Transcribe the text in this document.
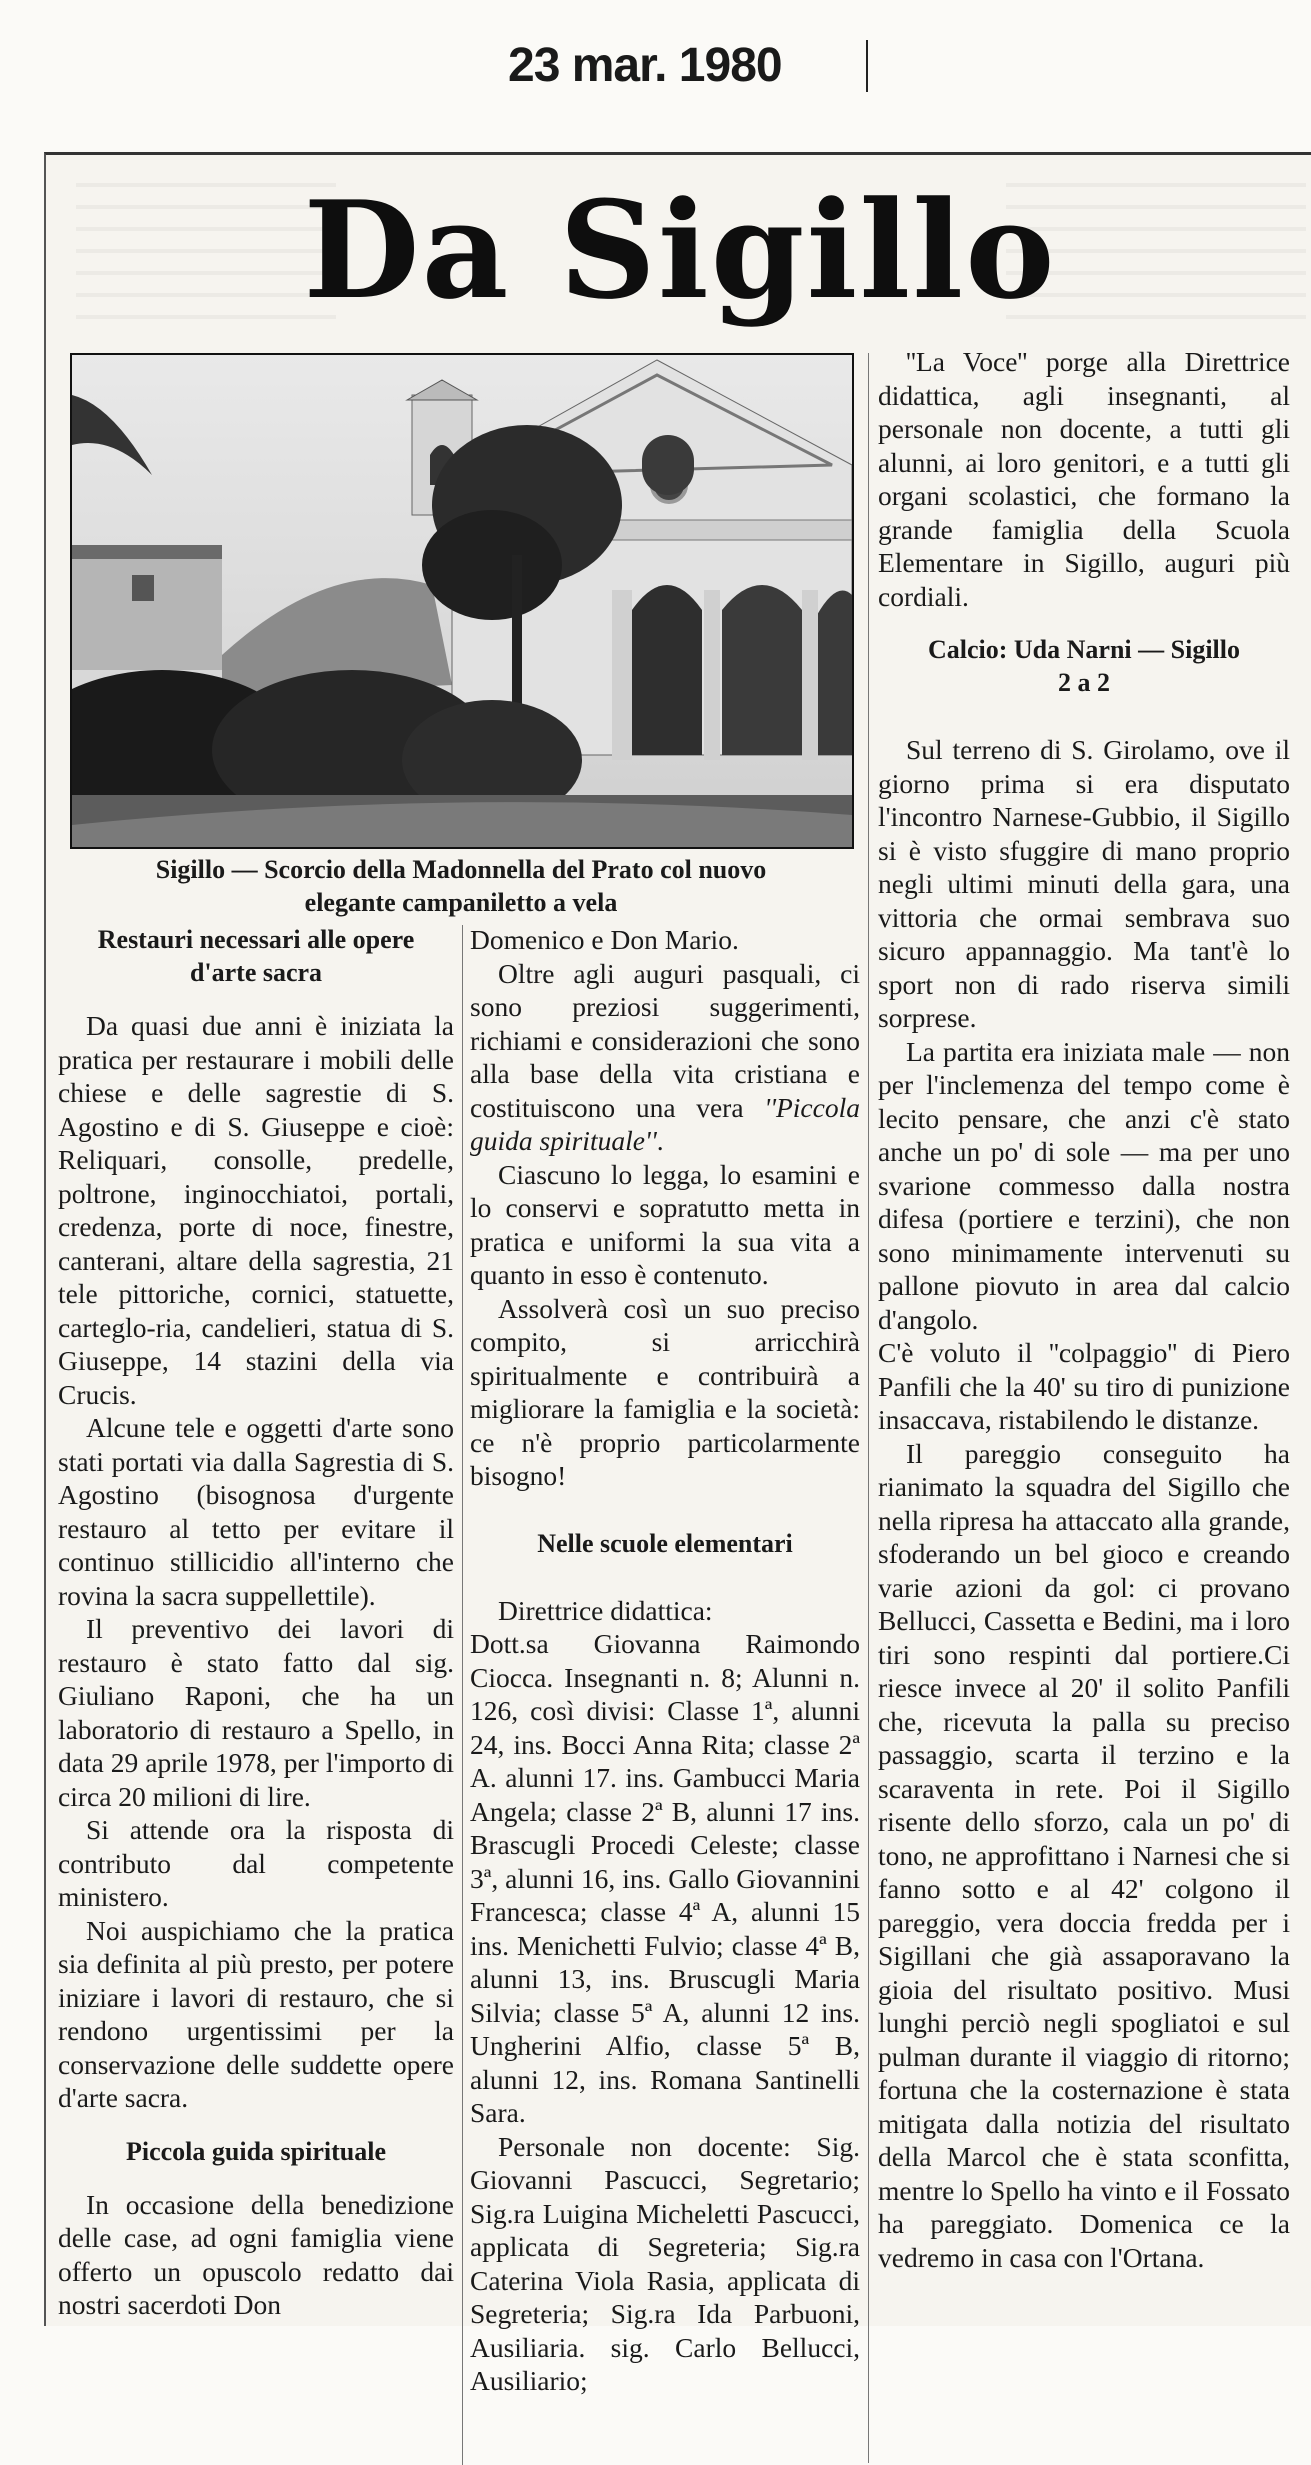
23 mar. 1980
Da Sigillo
Sigillo — Scorcio della Madonnella del Prato col nuovo
elegante campaniletto a vela
Restauri necessari alle opere
d'arte sacra

Da quasi due anni è iniziata la pratica per restaurare i mobili delle chiese e delle sagrestie di S. Agostino e di S. Giuseppe e cioè: Reliquari, consolle, predelle, poltrone, inginocchiatoi, portali, credenza, porte di noce, finestre, canterani, altare della sagrestia, 21 tele pittoriche, cornici, statuette, carteglo-ria, candelieri, statua di S. Giuseppe, 14 stazini della via Crucis.

Alcune tele e oggetti d'arte sono stati portati via dalla Sagrestia di S. Agostino (bisognosa d'urgente restauro al tetto per evitare il continuo stillicidio all'interno che rovina la sacra suppellettile).

Il preventivo dei lavori di restauro è stato fatto dal sig. Giuliano Raponi, che ha un laboratorio di restauro a Spello, in data 29 aprile 1978, per l'importo di circa 20 milioni di lire.

Si attende ora la risposta di contributo dal competente ministero.

Noi auspichiamo che la pratica sia definita al più presto, per potere iniziare i lavori di restauro, che si rendono urgentissimi per la conservazione delle suddette opere d'arte sacra.

Piccola guida spirituale

In occasione della benedizione delle case, ad ogni famiglia viene offerto un opuscolo redatto dai nostri sacerdoti Don

Domenico e Don Mario.

Oltre agli auguri pasquali, ci sono preziosi suggerimenti, richiami e considerazioni che sono alla base della vita cristiana e costituiscono una vera ''Piccola guida spirituale''.

Ciascuno lo legga, lo esamini e lo conservi e sopratutto metta in pratica e uniformi la sua vita a quanto in esso è contenuto.

Assolverà così un suo preciso compito, si arricchirà spiritualmente e contribuirà a migliorare la famiglia e la società: ce n'è proprio particolarmente bisogno!

Nelle scuole elementari

Direttrice didattica:

Dott.sa Giovanna Raimondo Ciocca. Insegnanti n. 8; Alunni n. 126, così divisi: Classe 1ª, alunni 24, ins. Bocci Anna Rita; classe 2ª A. alunni 17. ins. Gambucci Maria Angela; classe 2ª B, alunni 17 ins. Brascugli Procedi Celeste; classe 3ª, alunni 16, ins. Gallo Giovannini Francesca; classe 4ª A, alunni 15 ins. Menichetti Fulvio; classe 4ª B, alunni 13, ins. Bruscugli Maria Silvia; classe 5ª A, alunni 12 ins. Ungherini Alfio, classe 5ª B, alunni 12, ins. Romana Santinelli Sara.

Personale non docente: Sig. Giovanni Pascucci, Segretario; Sig.ra Luigina Micheletti Pascucci, applicata di Segreteria; Sig.ra Caterina Viola Rasia, applicata di Segreteria; Sig.ra Ida Parbuoni, Ausiliaria. sig. Carlo Bellucci, Ausiliario;

''La Voce'' porge alla Direttrice didattica, agli insegnanti, al personale non docente, a tutti gli alunni, ai loro genitori, e a tutti gli organi scolastici, che formano la grande famiglia della Scuola Elementare in Sigillo, auguri più cordiali.

Calcio: Uda Narni — Sigillo
2 a 2

Sul terreno di S. Girolamo, ove il giorno prima si era disputato l'incontro Narnese-Gubbio, il Sigillo si è visto sfuggire di mano proprio negli ultimi minuti della gara, una vittoria che ormai sembrava suo sicuro appannaggio. Ma tant'è lo sport non di rado riserva simili sorprese.

La partita era iniziata male — non per l'inclemenza del tempo come è lecito pensare, che anzi c'è stato anche un po' di sole — ma per uno svarione commesso dalla nostra difesa (portiere e terzini), che non sono minimamente intervenuti su pallone piovuto in area dal calcio d'angolo.

C'è voluto il ''colpaggio'' di Piero Panfili che la 40' su tiro di punizione insaccava, ristabilendo le distanze.

Il pareggio conseguito ha rianimato la squadra del Sigillo che nella ripresa ha attaccato alla grande, sfoderando un bel gioco e creando varie azioni da gol: ci provano Bellucci, Cassetta e Bedini, ma i loro tiri sono respinti dal portiere.Ci riesce invece al 20' il solito Panfili che, ricevuta la palla su preciso passaggio, scarta il terzino e la scaraventa in rete. Poi il Sigillo risente dello sforzo, cala un po' di tono, ne approfittano i Narnesi che si fanno sotto e al 42' colgono il pareggio, vera doccia fredda per i Sigillani che già assaporavano la gioia del risultato positivo. Musi lunghi perciò negli spogliatoi e sul pulman durante il viaggio di ritorno; fortuna che la costernazione è stata mitigata dalla notizia del risultato della Marcol che è stata sconfitta, mentre lo Spello ha vinto e il Fossato ha pareggiato. Domenica ce la vedremo in casa con l'Ortana.
